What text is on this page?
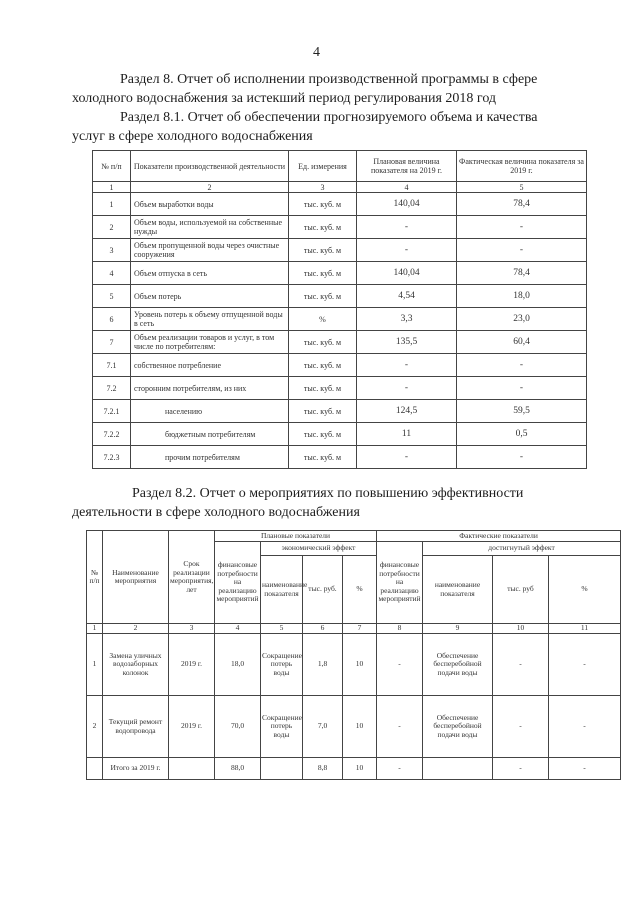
4
Раздел 8. Отчет об исполнении производственной программы в сфере
холодного водоснабжения за истекший период регулирования 2018 год
Раздел 8.1. Отчет об обеспечении прогнозируемого объема и качества
услуг в сфере холодного водоснабжения
№ п/п	Показатели производственной деятельности	Ед. измерения	Плановая величина показателя на 2019 г.	Фактическая величина показателя за 2019 г.
1	2	3	4	5
1	Объем выработки воды	тыс. куб. м	140,04	78,4
2	Объем воды, используемой на собственные нужды	тыс. куб. м	-	-
3	Объем пропущенной воды через очистные сооружения	тыс. куб. м	-	-
4	Объем отпуска в сеть	тыс. куб. м	140,04	78,4
5	Объем потерь	тыс. куб. м	4,54	18,0
6	Уровень потерь к объему отпущенной воды в сеть	%	3,3	23,0
7	Объем реализации товаров и услуг, в том числе по потребителям:	тыс. куб. м	135,5	60,4
7.1	собственное потребление	тыс. куб. м	-	-
7.2	сторонним потребителям, из них	тыс. куб. м	-	-
7.2.1	населению	тыс. куб. м	124,5	59,5
7.2.2	бюджетным потребителям	тыс. куб. м	11	0,5
7.2.3	прочим потребителям	тыс. куб. м	-	-
Раздел 8.2. Отчет о мероприятиях по повышению эффективности
деятельности в сфере холодного водоснабжения
№ п/п	Наименование мероприятия	Срок реализации мероприятия, лет	Плановые показатели				Фактические показатели			
			финансовые потребности на реализацию мероприятий	экономический эффект			финансовые потребности на реализацию мероприятий	достигнутый эффект		
				наименование показателя	тыс. руб.	%		наименование показателя	тыс. руб	%
1	2	3	4	5	6	7	8	9	10	11
1	Замена уличных водозаборных колонок	2019 г.	18,0	Сокращение потерь воды	1,8	10	-	Обеспечение бесперебойной подачи воды	-	-
2	Текущий ремонт водопровода	2019 г.	70,0	Сокращение потерь воды	7,0	10	-	Обеспечение бесперебойной подачи воды	-	-
	Итого за 2019 г.		88,0		8,8	10	-		-	-
